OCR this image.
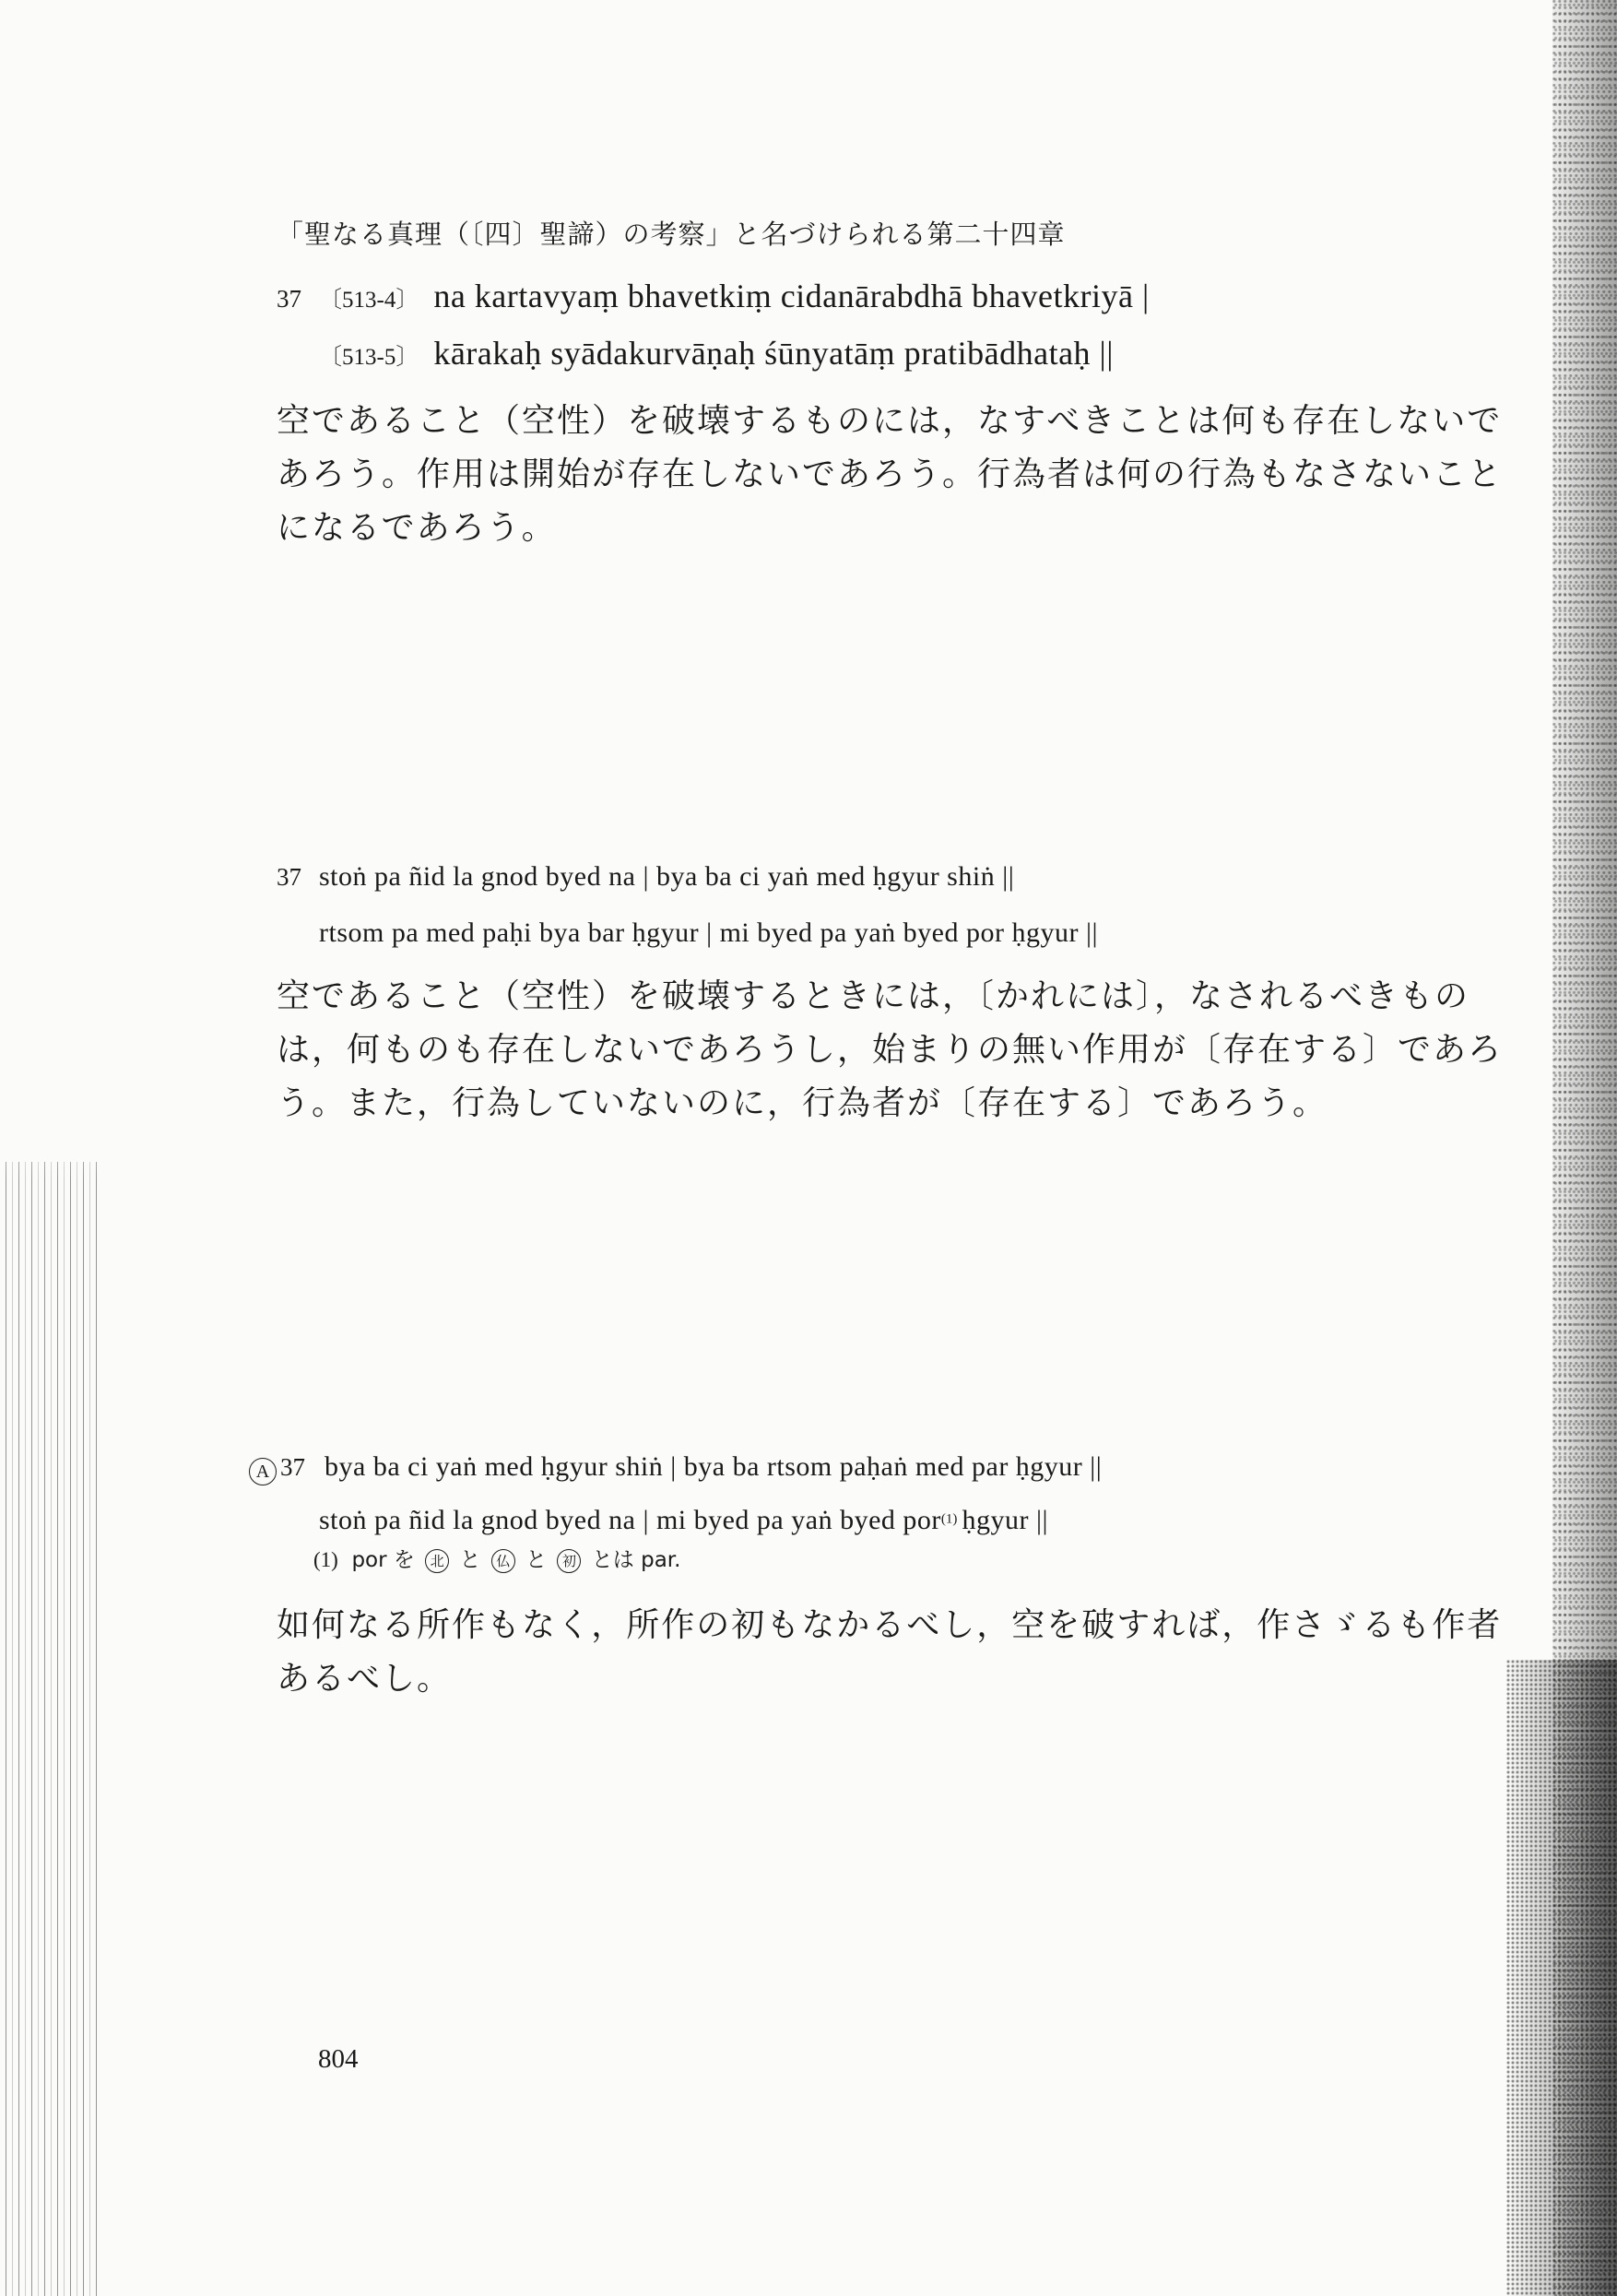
「聖なる真理（〔四〕聖諦）の考察」と名づけられる第二十四章
37 〔513-4〕 na kartavyaṃ bhavetkiṃ cidanārabdhā bhavetkriyā |
〔513-5〕 kārakaḥ syādakurvāṇaḥ śūnyatāṃ pratibādhataḥ ||
空であること（空性）を破壊するものには，なすべきことは何も存在しないであろう。作用は開始が存在しないであろう。行為者は何の行為もなさないことになるであろう。
37 stoṅ pa ñid la gnod byed na | bya ba ci yaṅ med ḥgyur shiṅ ||
rtsom pa med paḥi bya bar ḥgyur | mi byed pa yaṅ byed por ḥgyur ||
空であること（空性）を破壊するときには，〔かれには〕，なされるべきものは，何ものも存在しないであろうし，始まりの無い作用が〔存在する〕であろう。また，行為していないのに，行為者が〔存在する〕であろう。
A 37 bya ba ci yaṅ med ḥgyur shiṅ | bya ba rtsom paḥaṅ med par ḥgyur ||
stoṅ pa ñid la gnod byed na | mi byed pa yaṅ byed por$^{(1)}$ ḥgyur ||
(1) por を 北 と 仏 と 初 とは par.
如何なる所作もなく，所作の初もなかるべし，空を破すれば，作さゞるも作者あるべし。
804
